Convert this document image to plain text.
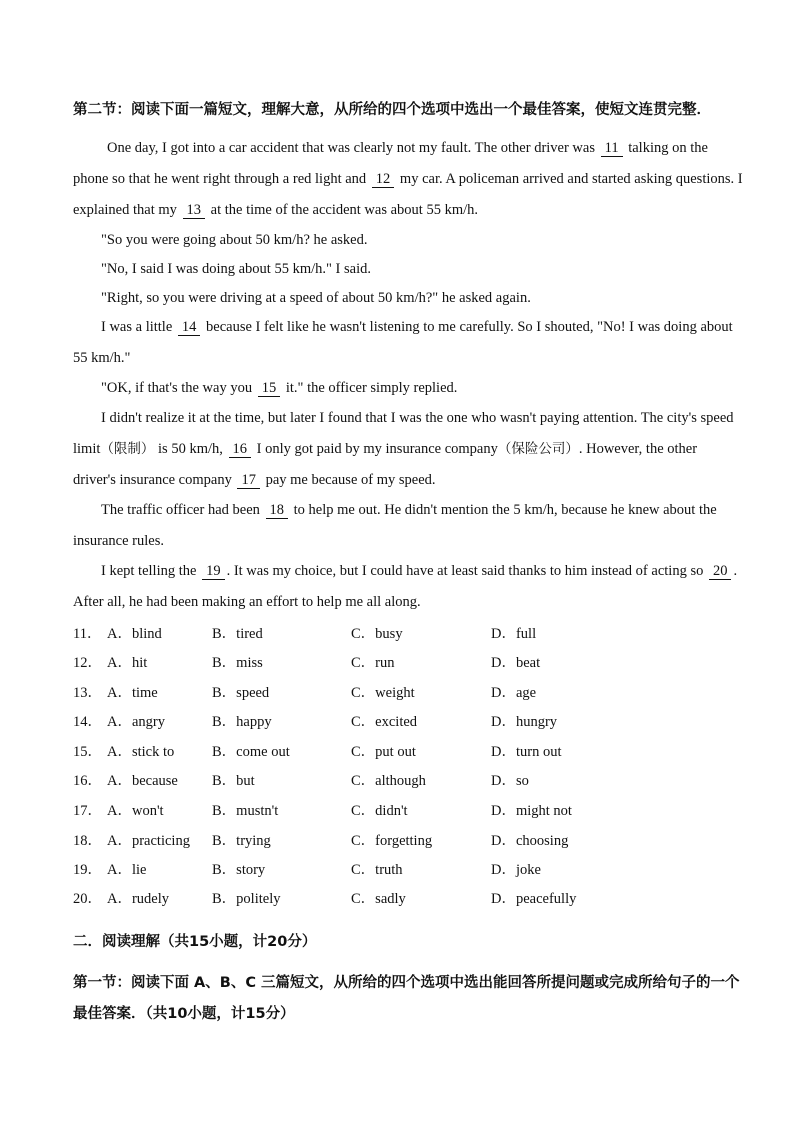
第二节：阅读下面一篇短文，理解大意，从所给的四个选项中选出一个最佳答案，使短文连贯完整．
One day, I got into a car accident that was clearly not my fault. The other driver was 11 talking on the
phone so that he went right through a red light and 12 my car. A policeman arrived and started asking questions. I
explained that my 13 at the time of the accident was about 55 km/h.
"So you were going about 50 km/h? he asked.
"No, I said I was doing about 55 km/h." I said.
"Right, so you were driving at a speed of about 50 km/h?" he asked again.
I was a little 14 because I felt like he wasn't listening to me carefully. So I shouted, "No! I was doing about
55 km/h."
"OK, if that's the way you 15 it." the officer simply replied.
I didn't realize it at the time, but later I found that I was the one who wasn't paying attention. The city's speed
limit（限制） is 50 km/h, 16 I only got paid by my insurance company（保险公司）. However, the other
driver's insurance company 17 pay me because of my speed.
The traffic officer had been 18 to help me out. He didn't mention the 5 km/h, because he knew about the
insurance rules.
I kept telling the 19 . It was my choice, but I could have at least said thanks to him instead of acting so 20 .
After all, he had been making an effort to help me all along.
11． A．blind	B．tired	C．busy	D．full
12． A．hit	B．miss	C．run	D．beat
13． A．time	B．speed	C．weight	D．age
14． A．angry	B．happy	C．excited	D．hungry
15． A．stick to	B．come out	C．put out	D．turn out
16． A．because B．but	C．although	D．so
17． A．won't	B．mustn't	C．didn't	D．might not
18． A．practicing B．trying	C．forgetting	D．choosing
19． A．lie	B．story	C．truth	D．joke
20． A．rudely	B．politely	C．sadly	D．peacefully
二．阅读理解（共15小题，计20分）
第一节：阅读下面 A、B、C 三篇短文，从所给的四个选项中选出能回答所提问题或完成所给句子的一个
最佳答案．（共10小题，计15分）
